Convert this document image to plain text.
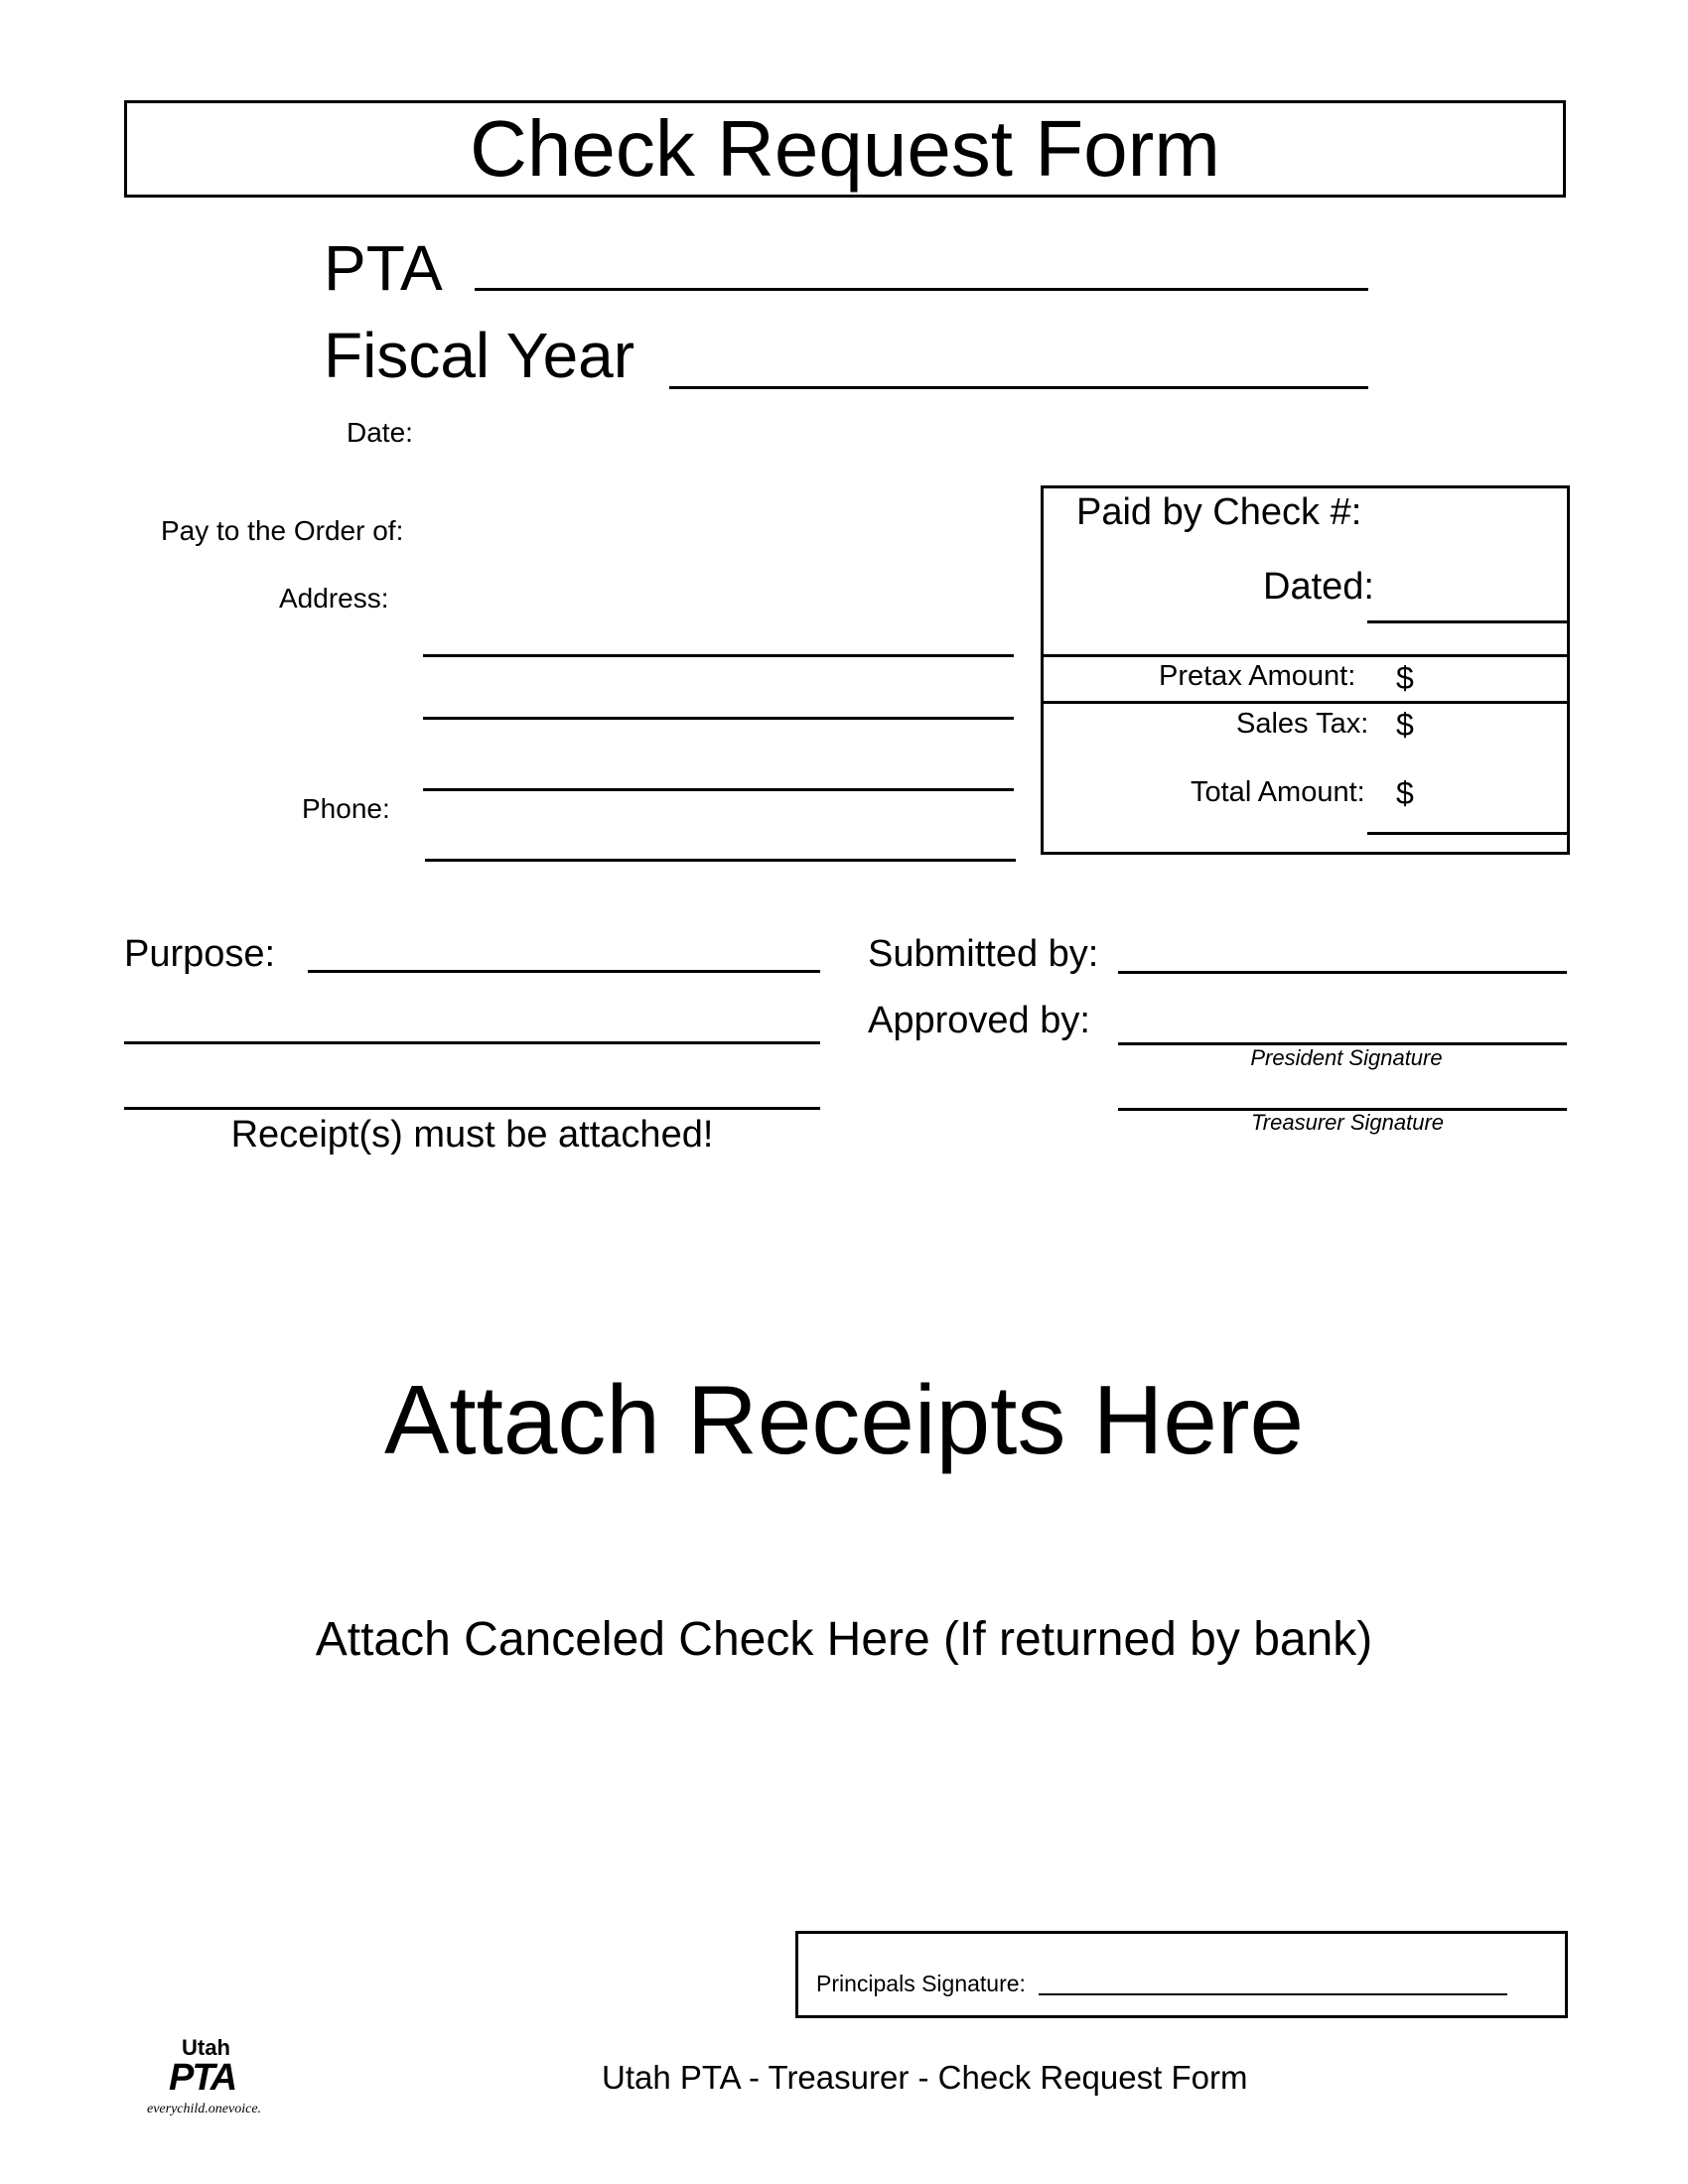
Check Request Form
PTA
Fiscal Year
Date:
Pay to the Order of:
Address:
Phone:
Paid by Check #:
Dated:
Pretax Amount: $
Sales Tax: $
Total Amount: $
Purpose:
Receipt(s) must be attached!
Submitted by:
Approved by:
President Signature
Treasurer Signature
Attach Receipts Here
Attach Canceled Check Here (If returned by bank)
Principals Signature:
Utah
PTA
everychild.onevoice.
Utah PTA - Treasurer - Check Request Form
